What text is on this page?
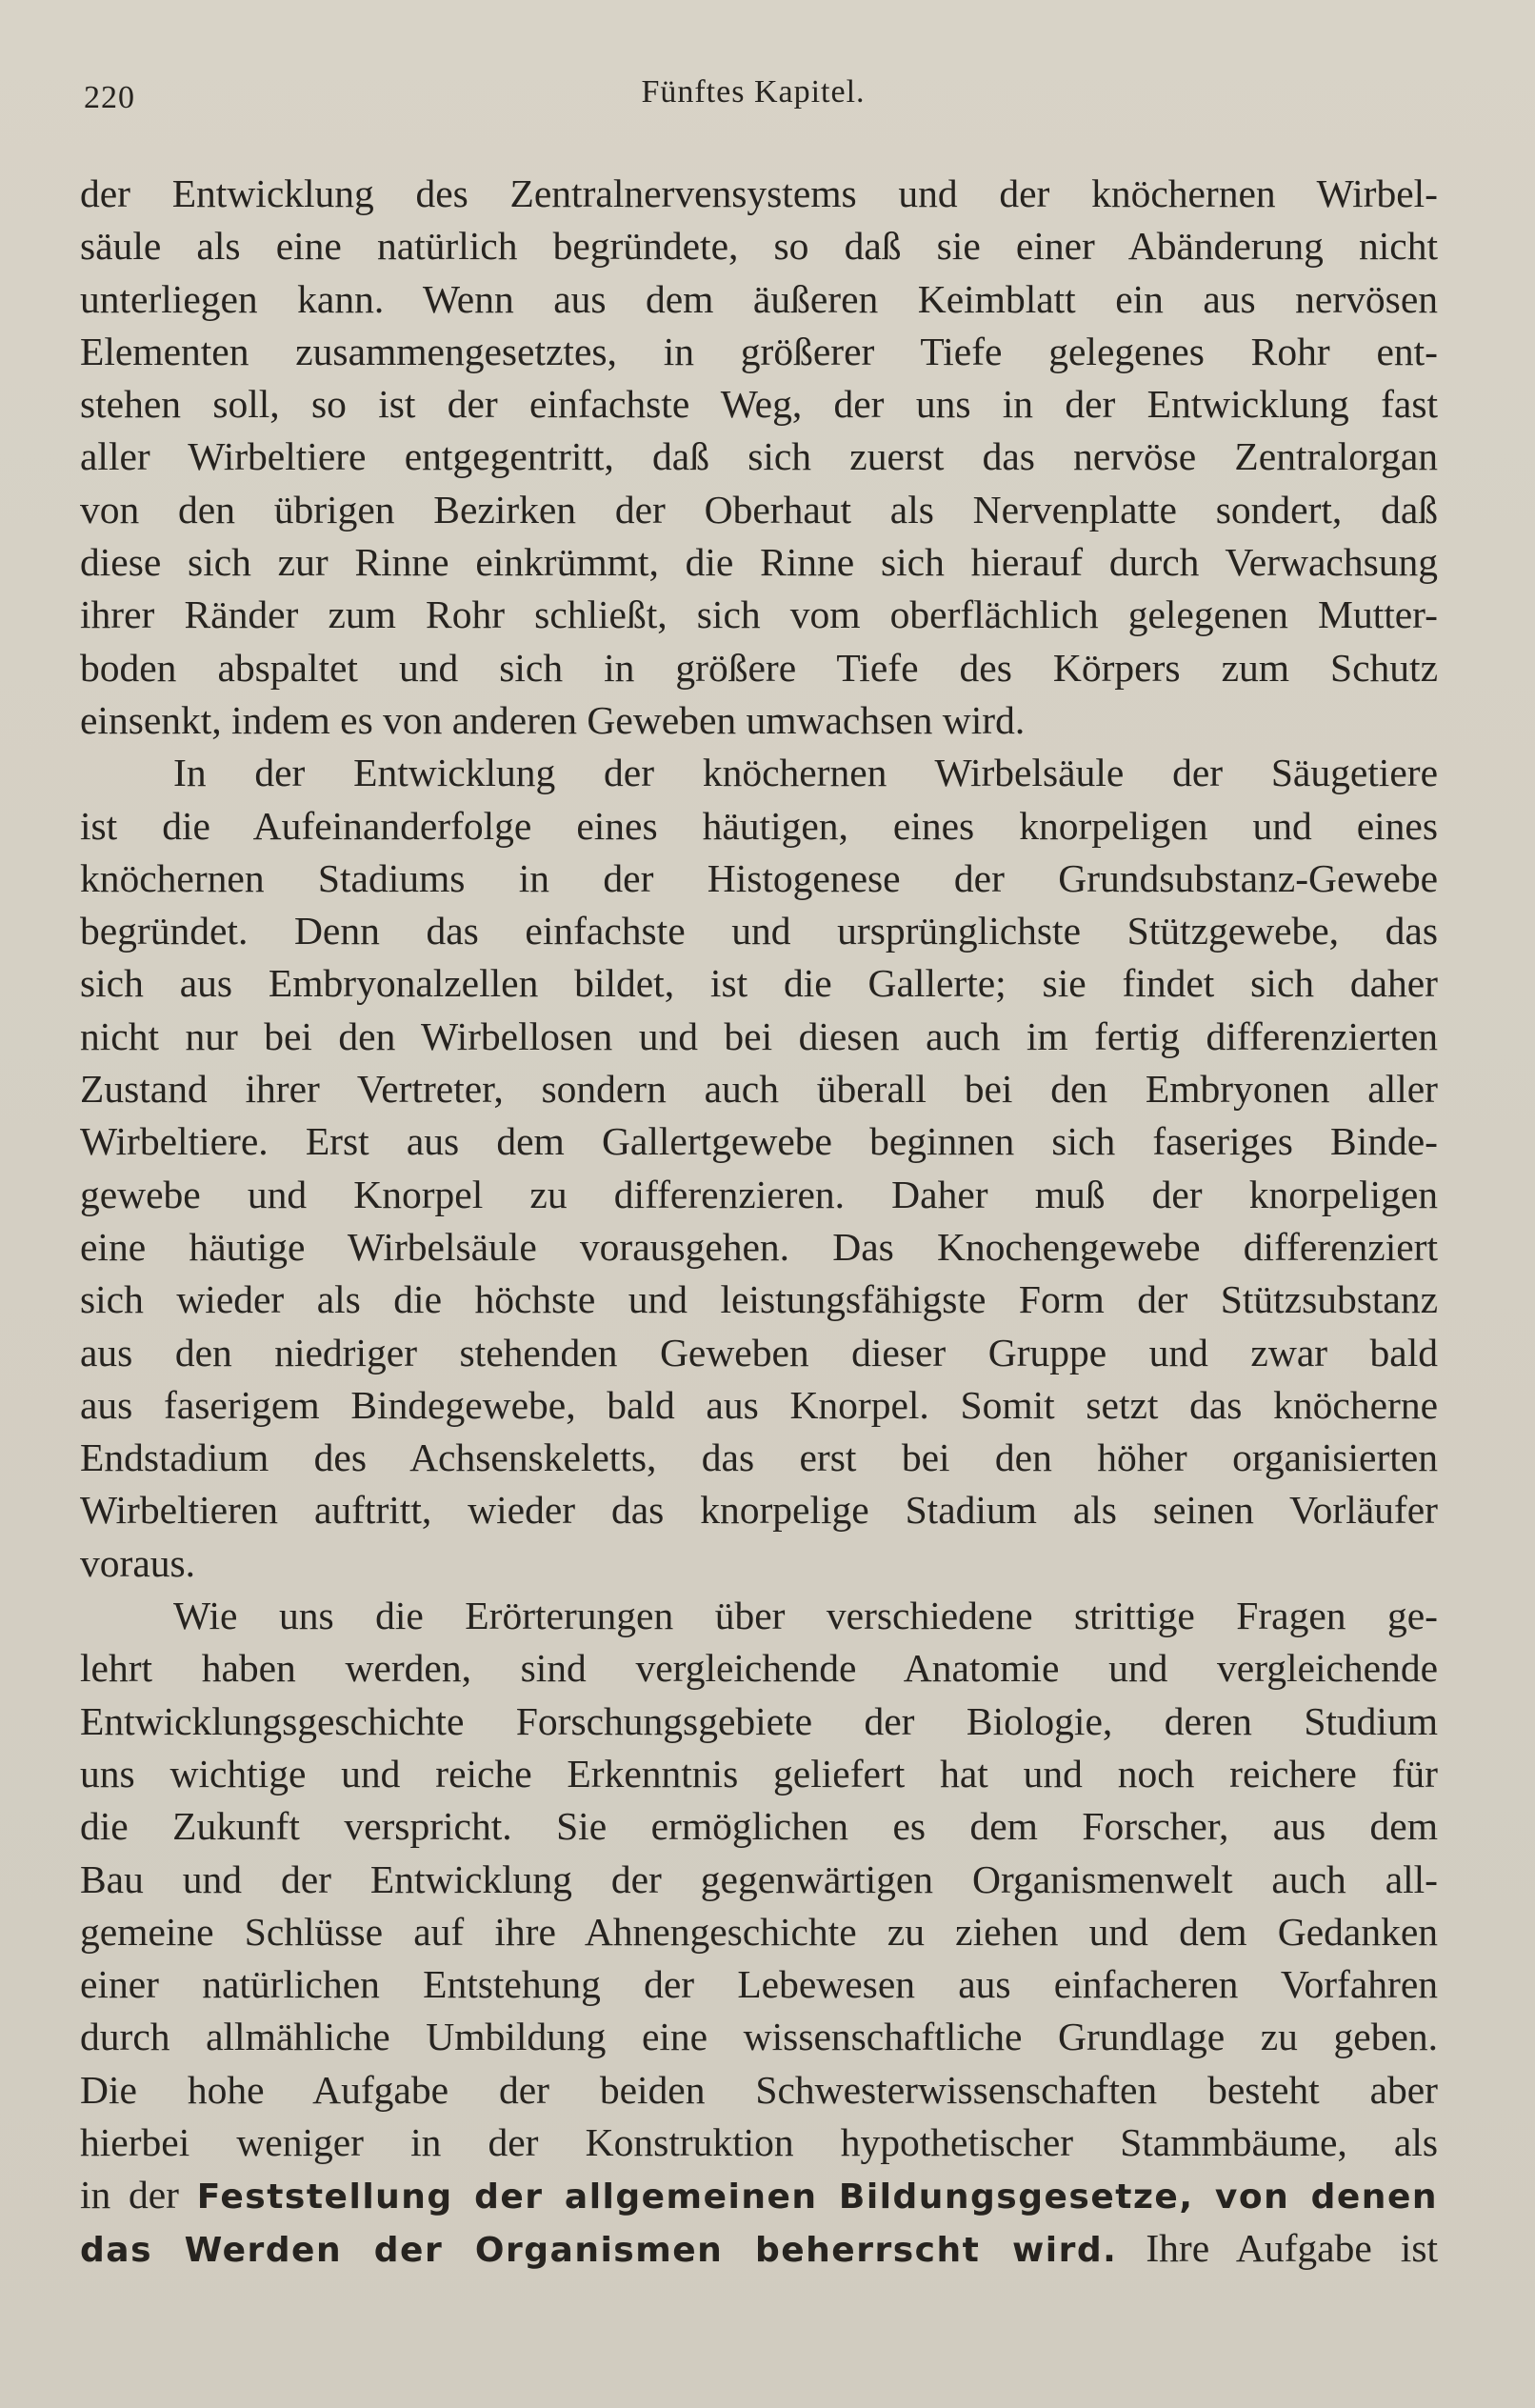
220	Fünftes Kapitel.
der Entwicklung des Zentralnervensystems und der knöchernen Wirbel-
säule als eine natürlich begründete, so daß sie einer Abänderung nicht
unterliegen kann. Wenn aus dem äußeren Keimblatt ein aus nervösen
Elementen zusammengesetztes, in größerer Tiefe gelegenes Rohr ent-
stehen soll, so ist der einfachste Weg, der uns in der Entwicklung fast
aller Wirbeltiere entgegentritt, daß sich zuerst das nervöse Zentralorgan
von den übrigen Bezirken der Oberhaut als Nervenplatte sondert, daß
diese sich zur Rinne einkrümmt, die Rinne sich hierauf durch Verwachsung
ihrer Ränder zum Rohr schließt, sich vom oberflächlich gelegenen Mutter-
boden abspaltet und sich in größere Tiefe des Körpers zum Schutz
einsenkt, indem es von anderen Geweben umwachsen wird.
In der Entwicklung der knöchernen Wirbelsäule der Säugetiere
ist die Aufeinanderfolge eines häutigen, eines knorpeligen und eines
knöchernen Stadiums in der Histogenese der Grundsubstanz-Gewebe
begründet. Denn das einfachste und ursprünglichste Stützgewebe, das
sich aus Embryonalzellen bildet, ist die Gallerte; sie findet sich daher
nicht nur bei den Wirbellosen und bei diesen auch im fertig differenzierten
Zustand ihrer Vertreter, sondern auch überall bei den Embryonen aller
Wirbeltiere. Erst aus dem Gallertgewebe beginnen sich faseriges Binde-
gewebe und Knorpel zu differenzieren. Daher muß der knorpeligen
eine häutige Wirbelsäule vorausgehen. Das Knochengewebe differenziert
sich wieder als die höchste und leistungsfähigste Form der Stützsubstanz
aus den niedriger stehenden Geweben dieser Gruppe und zwar bald
aus faserigem Bindegewebe, bald aus Knorpel. Somit setzt das knöcherne
Endstadium des Achsenskeletts, das erst bei den höher organisierten
Wirbeltieren auftritt, wieder das knorpelige Stadium als seinen Vorläufer
voraus.
Wie uns die Erörterungen über verschiedene strittige Fragen ge-
lehrt haben werden, sind vergleichende Anatomie und vergleichende
Entwicklungsgeschichte Forschungsgebiete der Biologie, deren Studium
uns wichtige und reiche Erkenntnis geliefert hat und noch reichere für
die Zukunft verspricht. Sie ermöglichen es dem Forscher, aus dem
Bau und der Entwicklung der gegenwärtigen Organismenwelt auch all-
gemeine Schlüsse auf ihre Ahnengeschichte zu ziehen und dem Gedanken
einer natürlichen Entstehung der Lebewesen aus einfacheren Vorfahren
durch allmähliche Umbildung eine wissenschaftliche Grundlage zu geben.
Die hohe Aufgabe der beiden Schwesterwissenschaften besteht aber
hierbei weniger in der Konstruktion hypothetischer Stammbäume, als
in der Feststellung der allgemeinen Bildungsgesetze, von denen
das Werden der Organismen beherrscht wird. Ihre Aufgabe ist
